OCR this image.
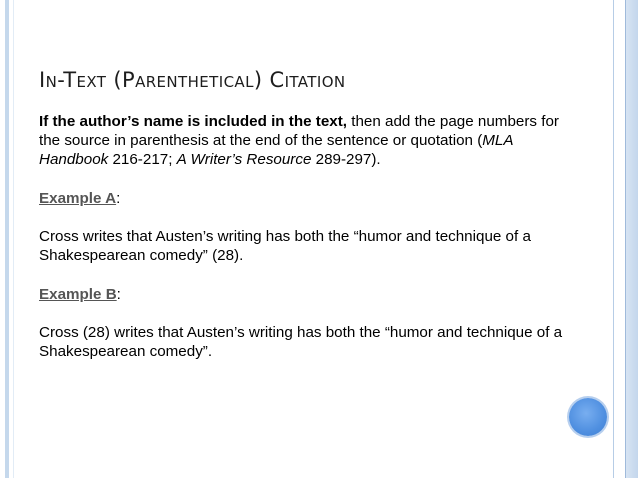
In-Text (Parenthetical) Citation

If the author’s name is included in the text, then add the page numbers for the source in parenthesis at the end of the sentence or quotation (MLA Handbook 216-217; A Writer’s Resource 289-297).

Example A:

Cross writes that Austen’s writing has both the “humor and technique of a Shakespearean comedy” (28).

Example B:

Cross (28) writes that Austen’s writing has both the “humor and technique of a Shakespearean comedy”.
